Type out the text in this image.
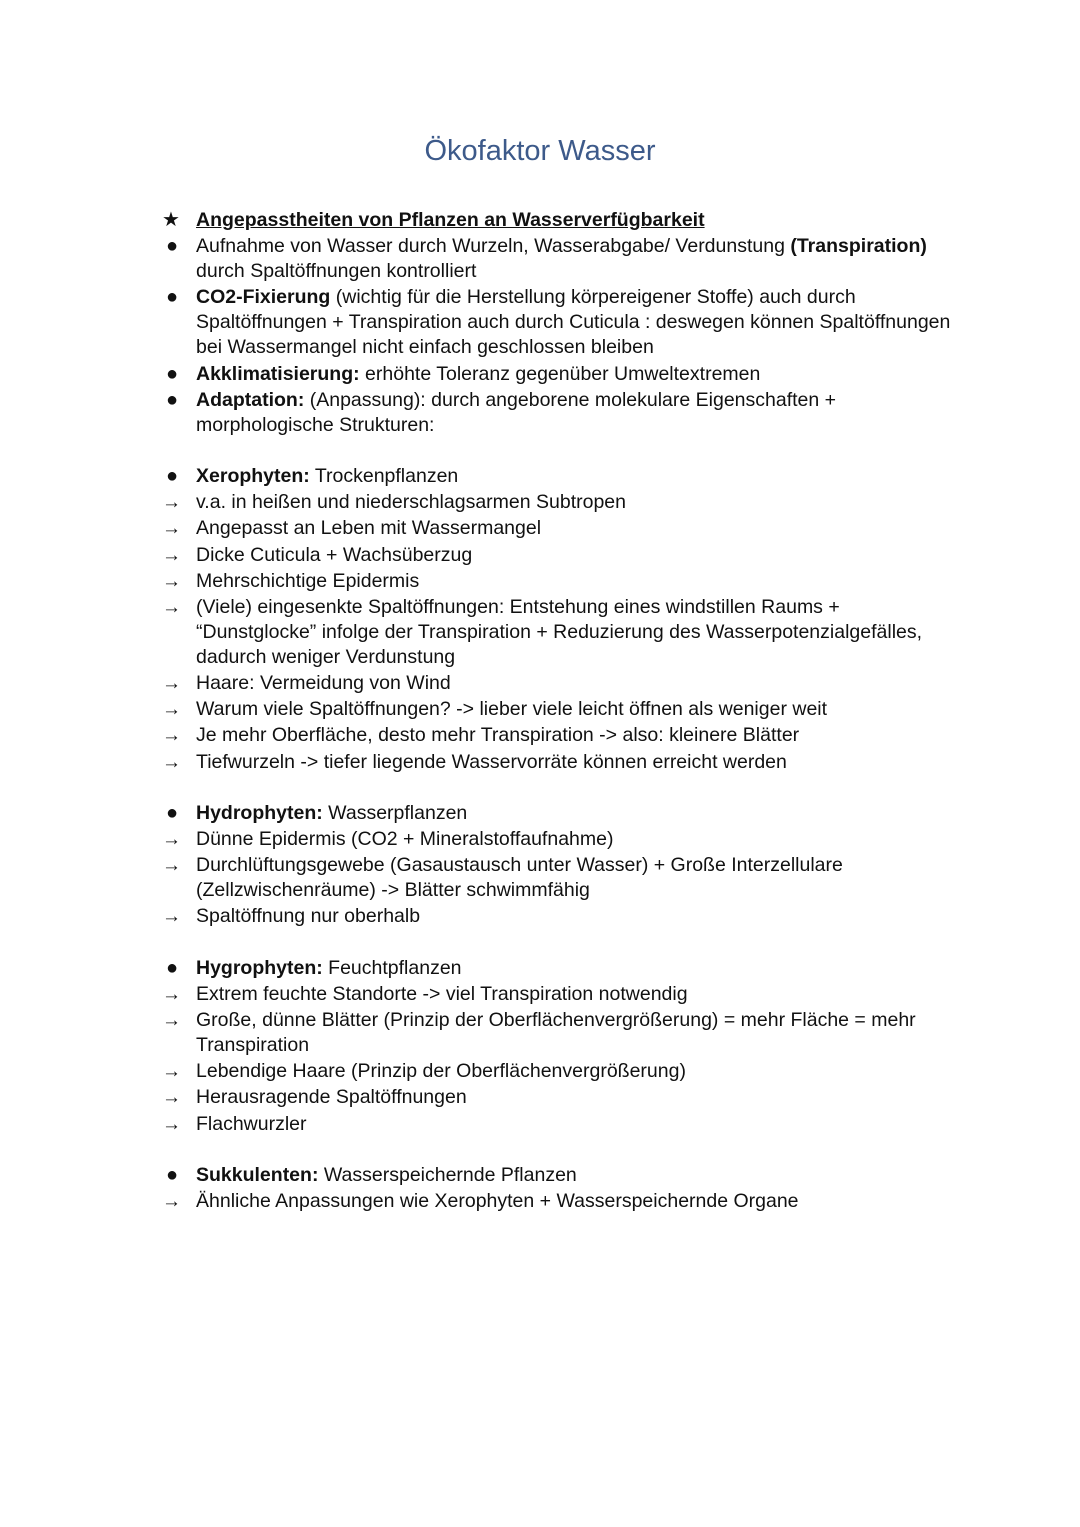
Ökofaktor Wasser
★ Angepasstheiten von Pflanzen an Wasserverfügbarkeit
● Aufnahme von Wasser durch Wurzeln, Wasserabgabe/ Verdunstung (Transpiration)
durch Spaltöffnungen kontrolliert
● CO2-Fixierung (wichtig für die Herstellung körpereigener Stoffe) auch durch Spaltöffnungen + Transpiration auch durch Cuticula : deswegen können Spaltöffnungen bei Wassermangel nicht einfach geschlossen bleiben
● Akklimatisierung: erhöhte Toleranz gegenüber Umweltextremen
● Adaptation: (Anpassung): durch angeborene molekulare Eigenschaften + morphologische Strukturen:
● Xerophyten: Trockenpflanzen
→ v.a. in heißen und niederschlagsarmen Subtropen
→ Angepasst an Leben mit Wassermangel
→ Dicke Cuticula + Wachsüberzug
→ Mehrschichtige Epidermis
→ (Viele) eingesenkte Spaltöffnungen: Entstehung eines windstillen Raums + “Dunstglocke” infolge der Transpiration + Reduzierung des Wasserpotenzialgefälles, dadurch weniger Verdunstung
→ Haare: Vermeidung von Wind
→ Warum viele Spaltöffnungen? -> lieber viele leicht öffnen als weniger weit
→ Je mehr Oberfläche, desto mehr Transpiration -> also: kleinere Blätter
→ Tiefwurzeln -> tiefer liegende Wasservorräte können erreicht werden
● Hydrophyten: Wasserpflanzen
→ Dünne Epidermis (CO2 + Mineralstoffaufnahme)
→ Durchlüftungsgewebe (Gasaustausch unter Wasser) + Große Interzellulare (Zellzwischenräume) -> Blätter schwimmfähig
→ Spaltöffnung nur oberhalb
● Hygrophyten: Feuchtpflanzen
→ Extrem feuchte Standorte -> viel Transpiration notwendig
→ Große, dünne Blätter (Prinzip der Oberflächenvergrößerung) = mehr Fläche = mehr Transpiration
→ Lebendige Haare (Prinzip der Oberflächenvergrößerung)
→ Herausragende Spaltöffnungen
→ Flachwurzler
● Sukkulenten: Wasserspeichernde Pflanzen
→ Ähnliche Anpassungen wie Xerophyten + Wasserspeichernde Organe
